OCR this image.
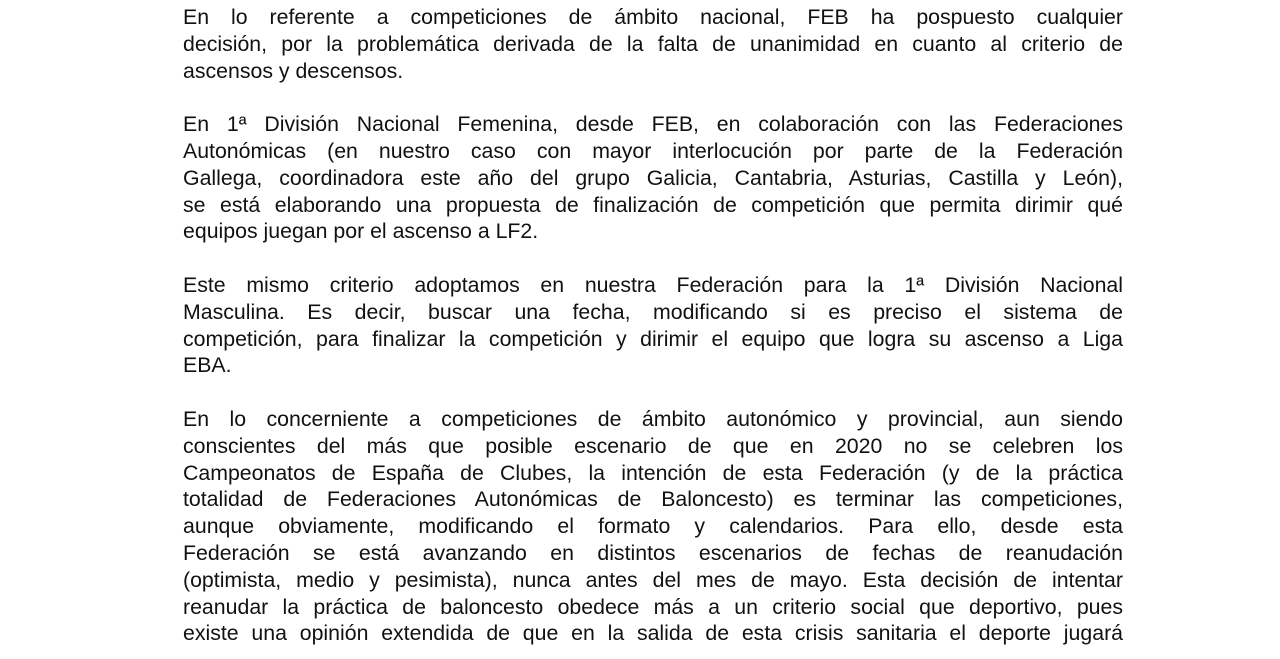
En lo referente a competiciones de ámbito nacional, FEB ha pospuesto cualquier
decisión, por la problemática derivada de la falta de unanimidad en cuanto al criterio de
ascensos y descensos.
En 1ª División Nacional Femenina, desde FEB, en colaboración con las Federaciones
Autonómicas (en nuestro caso con mayor interlocución por parte de la Federación
Gallega, coordinadora este año del grupo Galicia, Cantabria, Asturias, Castilla y León),
se está elaborando una propuesta de finalización de competición que permita dirimir qué
equipos juegan por el ascenso a LF2.
Este mismo criterio adoptamos en nuestra Federación para la 1ª División Nacional
Masculina. Es decir, buscar una fecha, modificando si es preciso el sistema de
competición, para finalizar la competición y dirimir el equipo que logra su ascenso a Liga
EBA.
En lo concerniente a competiciones de ámbito autonómico y provincial, aun siendo
conscientes del más que posible escenario de que en 2020 no se celebren los
Campeonatos de España de Clubes, la intención de esta Federación (y de la práctica
totalidad de Federaciones Autonómicas de Baloncesto) es terminar las competiciones,
aunque obviamente, modificando el formato y calendarios. Para ello, desde esta
Federación se está avanzando en distintos escenarios de fechas de reanudación
(optimista, medio y pesimista), nunca antes del mes de mayo. Esta decisión de intentar
reanudar la práctica de baloncesto obedece más a un criterio social que deportivo, pues
existe una opinión extendida de que en la salida de esta crisis sanitaria el deporte jugará
